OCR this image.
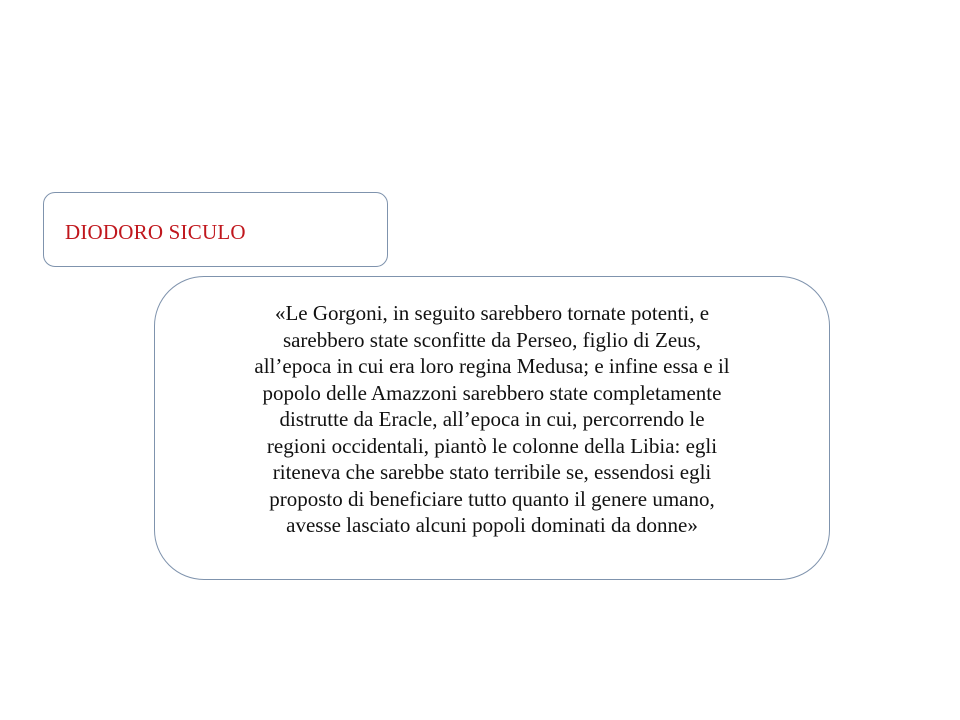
DIODORO SICULO
«Le Gorgoni, in seguito sarebbero tornate potenti, e
sarebbero state sconfitte da Perseo, figlio di Zeus,
all’epoca in cui era loro regina Medusa; e infine essa e il
popolo delle Amazzoni sarebbero state completamente
distrutte da Eracle, all’epoca in cui, percorrendo le
regioni occidentali, piantò le colonne della Libia: egli
riteneva che sarebbe stato terribile se, essendosi egli
proposto di beneficiare tutto quanto il genere umano,
avesse lasciato alcuni popoli dominati da donne»
